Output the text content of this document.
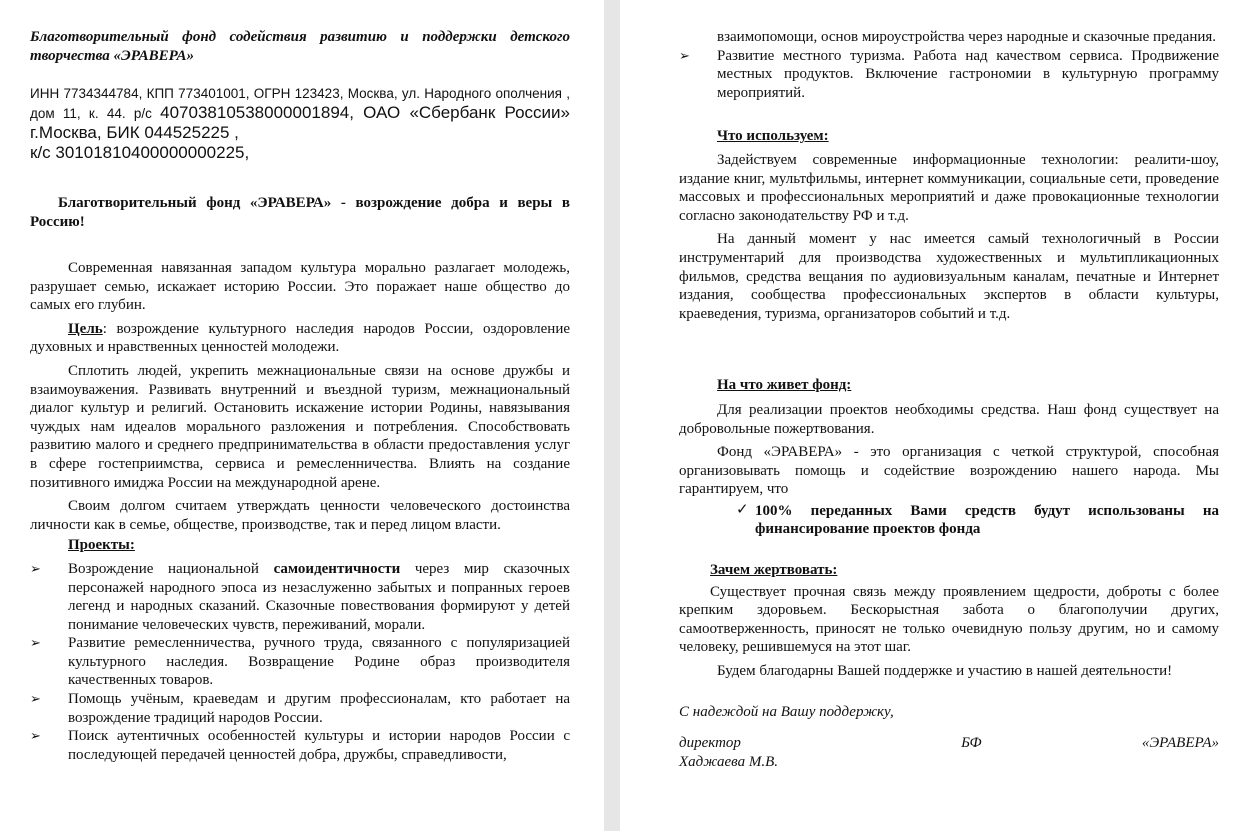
Благотворительный фонд содействия развитию и поддержки детского творчества «ЭРАВЕРА»

ИНН 7734344784, КПП 773401001, ОГРН 123423, Москва, ул. Народного ополчения , дом 11, к. 44. р/с 40703810538000001894, ОАО «Сбербанк России» г.Москва, БИК 044525225 ,

к/с 30101810400000000225,

Благотворительный фонд «ЭРАВЕРА» - возрождение добра и веры в Россию!

Современная навязанная западом культура морально разлагает молодежь, разрушает семью, искажает историю России. Это поражает наше общество до самых его глубин.

Цель: возрождение культурного наследия народов России, оздоровление духовных и нравственных ценностей молодежи.

Сплотить людей, укрепить межнациональные связи на основе дружбы и взаимоуважения. Развивать внутренний и въездной туризм, межнациональный диалог культур и религий. Остановить искажение истории Родины, навязывания чуждых нам идеалов морального разложения и потребления. Способствовать развитию малого и среднего предпринимательства в области предоставления услуг в сфере гостеприимства, сервиса и ремесленничества. Влиять на создание позитивного имиджа России на международной арене.

Своим долгом считаем утверждать ценности человеческого достоинства личности как в семье, обществе, производстве, так и перед лицом власти.

Проекты:

➢ Возрождение национальной самоидентичности через мир сказочных персонажей народного эпоса из незаслуженно забытых и попранных героев легенд и народных сказаний. Сказочные повествования формируют у детей понимание человеческих чувств, переживаний, морали.
➢ Развитие ремесленничества, ручного труда, связанного с популяризацией культурного наследия. Возвращение Родине образ производителя качественных товаров.
➢ Помощь учёным, краеведам и другим профессионалам, кто работает на возрождение традиций народов России.
➢ Поиск аутентичных особенностей культуры и истории народов России с последующей передачей ценностей добра, дружбы, справедливости,
взаимопомощи, основ мироустройства через народные и сказочные предания.
➢ Развитие местного туризма. Работа над качеством сервиса. Продвижение местных продуктов. Включение гастрономии в культурную программу мероприятий.

Что используем:

Задействуем современные информационные технологии: реалити-шоу, издание книг, мультфильмы, интернет коммуникации, социальные сети, проведение массовых и профессиональных мероприятий и даже провокационные технологии согласно законодательству РФ и т.д.

На данный момент у нас имеется самый технологичный в России инструментарий для производства художественных и мультипликационных фильмов, средства вещания по аудиовизуальным каналам, печатные и Интернет издания, сообщества профессиональных экспертов в области культуры, краеведения, туризма, организаторов событий и т.д.

На что живет фонд:

Для реализации проектов необходимы средства. Наш фонд существует на добровольные пожертвования.

Фонд «ЭРАВЕРА» - это организация с четкой структурой, способная организовывать помощь и содействие возрождению нашего народа. Мы гарантируем, что

✓ 100% переданных Вами средств будут использованы на финансирование проектов фонда

Зачем жертвовать:

Существует прочная связь между проявлением щедрости, доброты с более крепким здоровьем. Бескорыстная забота о благополучии других, самоотверженность, приносят не только очевидную пользу другим, но и самому человеку, решившемуся на этот шаг.

Будем благодарны Вашей поддержке и участию в нашей деятельности!

С надеждой на Вашу поддержку,

директор	БФ	«ЭРАВЕРА»

Хаджаева М.В.
